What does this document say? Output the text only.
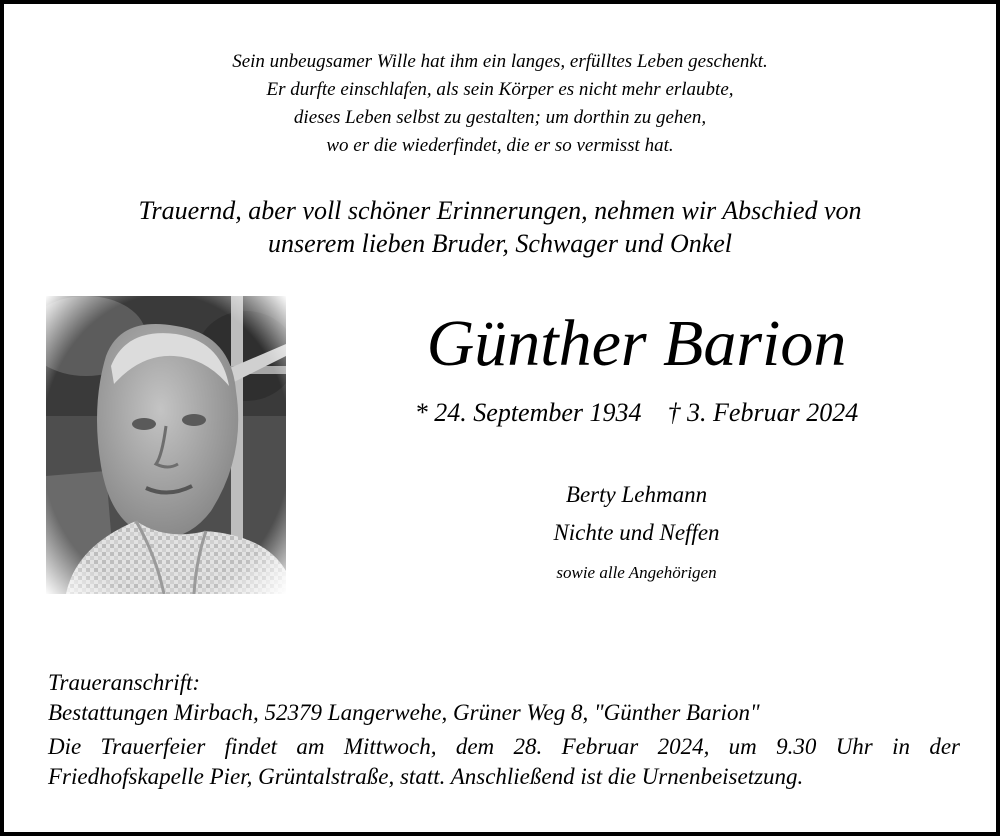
Sein unbeugsamer Wille hat ihm ein langes, erfülltes Leben geschenkt.
Er durfte einschlafen, als sein Körper es nicht mehr erlaubte,
dieses Leben selbst zu gestalten; um dorthin zu gehen,
wo er die wiederfindet, die er so vermisst hat.
Trauernd, aber voll schöner Erinnerungen, nehmen wir Abschied von
unserem lieben Bruder, Schwager und Onkel
Günther Barion
* 24. September 1934 † 3. Februar 2024
Berty Lehmann
Nichte und Neffen
sowie alle Angehörigen
Traueranschrift:
Bestattungen Mirbach, 52379 Langerwehe, Grüner Weg 8, "Günther Barion"
Die Trauerfeier findet am Mittwoch, dem 28. Februar 2024, um 9.30 Uhr in der
Friedhofskapelle Pier, Grüntalstraße, statt. Anschließend ist die Urnenbeisetzung.
